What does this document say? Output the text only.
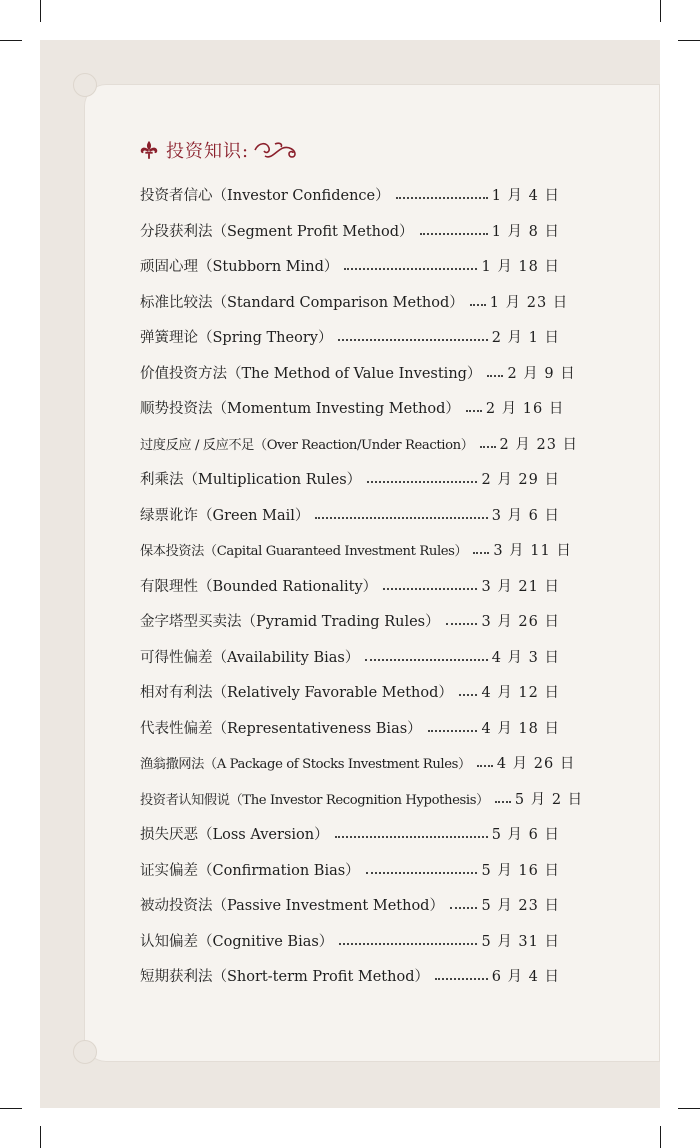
投资知识:
投资者信心（Investor Confidence）	1 月 4 日
分段获利法（Segment Profit Method）	1 月 8 日
顽固心理（Stubborn Mind）	1 月 18 日
标准比较法（Standard Comparison Method） 1 月 23 日
弹簧理论（Spring Theory）	2 月 1 日
价值投资方法（The Method of Value Investing） 2 月 9 日
顺势投资法（Momentum Investing Method） 2 月 16 日
过度反应 / 反应不足（Over Reaction/Under Reaction） 2 月 23 日
利乘法（Multiplication Rules）	2 月 29 日
绿票讹诈（Green Mail）	3 月 6 日
保本投资法（Capital Guaranteed Investment Rules） 3 月 11 日
有限理性（Bounded Rationality）	3 月 21 日
金字塔型买卖法（Pyramid Trading Rules）	3 月 26 日
可得性偏差（Availability Bias）	4 月 3 日
相对有利法（Relatively Favorable Method） 4 月 12 日
代表性偏差（Representativeness Bias）	4 月 18 日
渔翁撒网法（A Package of Stocks Investment Rules） 4 月 26 日
投资者认知假说（The Investor Recognition Hypothesis） 5 月 2 日
损失厌恶（Loss Aversion）	5 月 6 日
证实偏差（Confirmation Bias）	5 月 16 日
被动投资法（Passive Investment Method）	5 月 23 日
认知偏差（Cognitive Bias）	5 月 31 日
短期获利法（Short-term Profit Method）	6 月 4 日
